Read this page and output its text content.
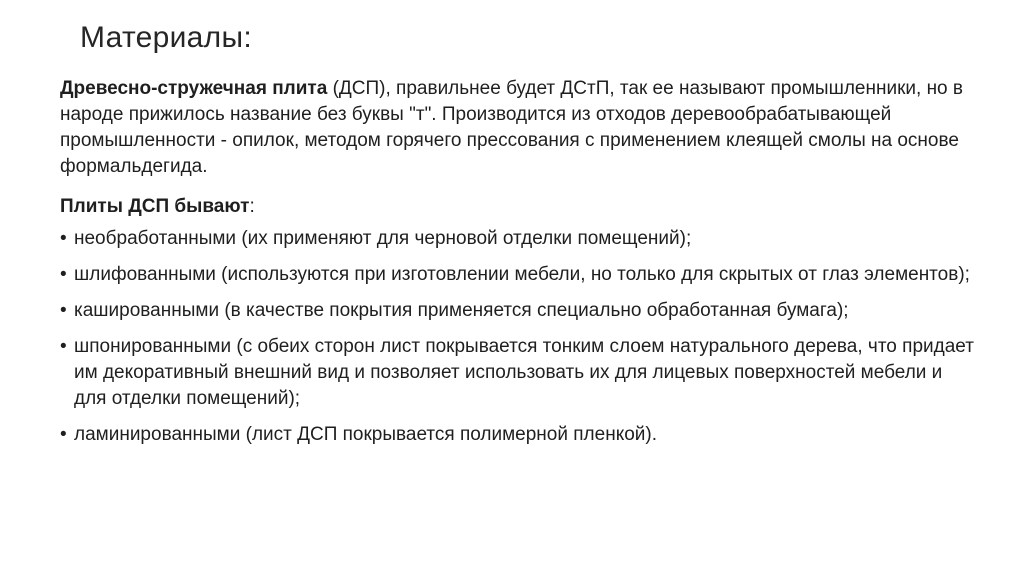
Материалы:

Древесно-стружечная плита (ДСП), правильнее будет ДСтП, так ее называют промышленники, но в народе прижилось название без буквы "т". Производится из отходов деревообрабатывающей промышленности - опилок, методом горячего прессования с применением клеящей смолы на основе формальдегида.

Плиты ДСП бывают:

• необработанными (их применяют для черновой отделки помещений);
• шлифованными (используются при изготовлении мебели, но только для скрытых от глаз элементов);
• кашированными (в качестве покрытия применяется специально обработанная бумага);
• шпонированными (с обеих сторон лист покрывается тонким слоем натурального дерева, что придает им декоративный внешний вид и позволяет использовать их для лицевых поверхностей мебели и для отделки помещений);
• ламинированными (лист ДСП покрывается полимерной пленкой).
